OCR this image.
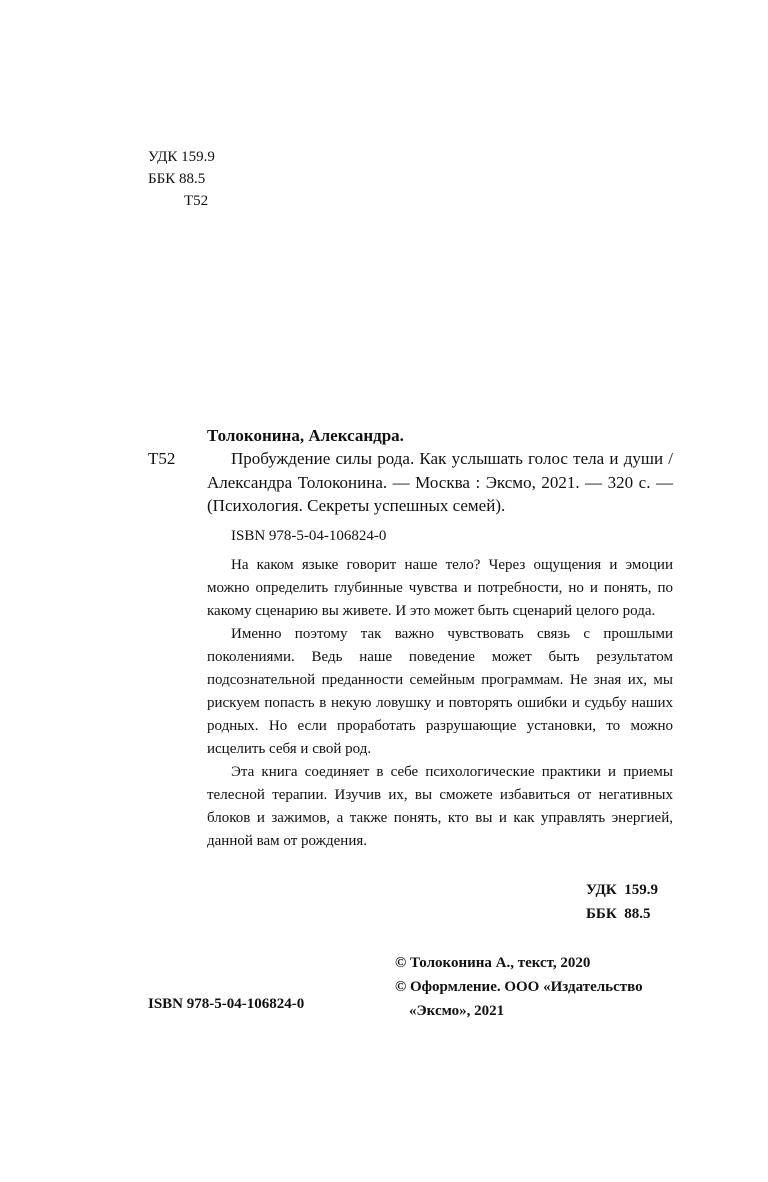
УДК 159.9
ББК 88.5
Т52
Толоконина, Александра.
Т52	Пробуждение силы рода. Как услышать голос тела и души / Александра Толоконина. — Москва : Эксмо, 2021. — 320 с. — (Психология. Секреты успешных семей).

ISBN 978-5-04-106824-0

На каком языке говорит наше тело? Через ощущения и эмоции можно определить глубинные чувства и потребности, но и понять, по какому сценарию вы живете. И это может быть сценарий целого рода.

Именно поэтому так важно чувствовать связь с прошлыми поколениями. Ведь наше поведение может быть результатом подсознательной преданности семейным программам. Не зная их, мы рискуем попасть в некую ловушку и повторять ошибки и судьбу наших родных. Но если проработать разрушающие установки, то можно исцелить себя и свой род.

Эта книга соединяет в себе психологические практики и приемы телесной терапии. Изучив их, вы сможете избавиться от негативных блоков и зажимов, а также понять, кто вы и как управлять энергией, данной вам от рождения.

УДК  159.9
ББК  88.5
© Толоконина А., текст, 2020
© Оформление. ООО «Издательство
«Эксмо», 2021
ISBN 978-5-04-106824-0
